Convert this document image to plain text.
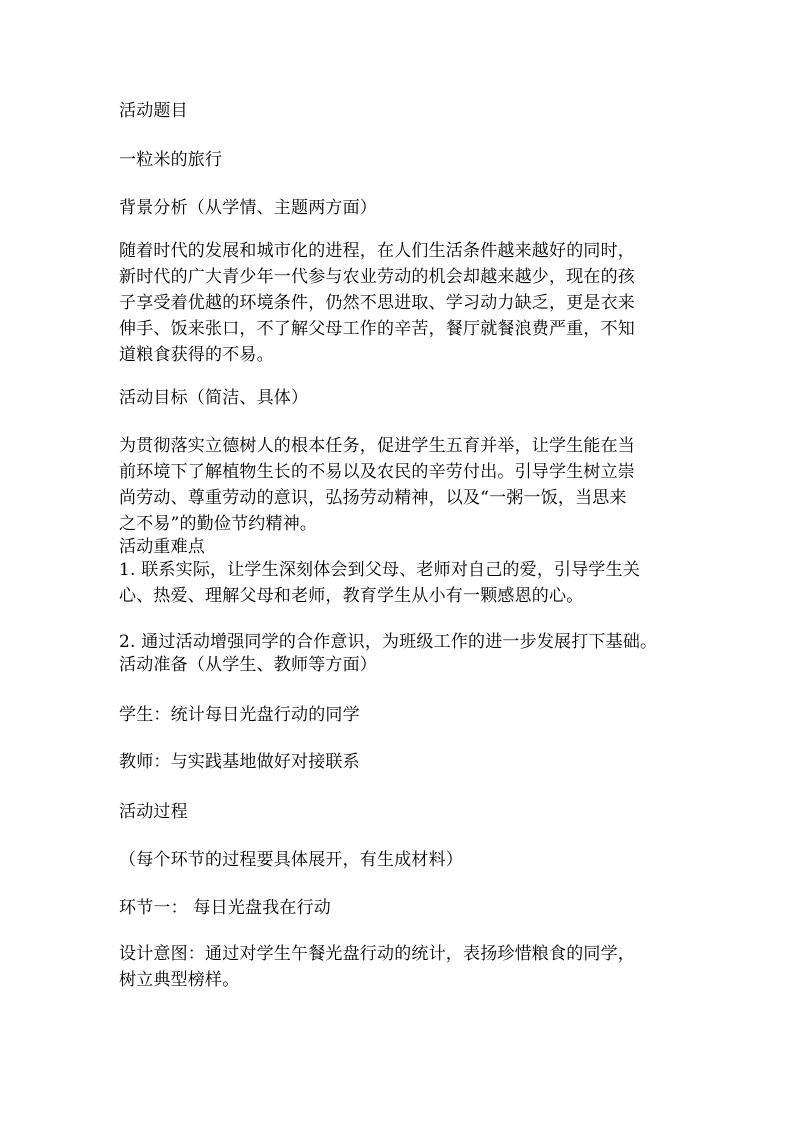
活动题目
一粒米的旅行
背景分析（从学情、主题两方面）
随着时代的发展和城市化的进程，在人们生活条件越来越好的同时，
新时代的广大青少年一代参与农业劳动的机会却越来越少，现在的孩
子享受着优越的环境条件，仍然不思进取、学习动力缺乏，更是衣来
伸手、饭来张口，不了解父母工作的辛苦，餐厅就餐浪费严重，不知
道粮食获得的不易。
活动目标（简洁、具体）
为贯彻落实立德树人的根本任务，促进学生五育并举，让学生能在当
前环境下了解植物生长的不易以及农民的辛劳付出。引导学生树立崇
尚劳动、尊重劳动的意识，弘扬劳动精神，以及“一粥一饭，当思来
之不易”的勤俭节约精神。
活动重难点
1. 联系实际，让学生深刻体会到父母、老师对自己的爱，引导学生关
心、热爱、理解父母和老师，教育学生从小有一颗感恩的心。
2. 通过活动增强同学的合作意识，为班级工作的进一步发展打下基础。
活动准备（从学生、教师等方面）
学生：统计每日光盘行动的同学
教师：与实践基地做好对接联系
活动过程
（每个环节的过程要具体展开，有生成材料）
环节一： 每日光盘我在行动
设计意图：通过对学生午餐光盘行动的统计，表扬珍惜粮食的同学，
树立典型榜样。
